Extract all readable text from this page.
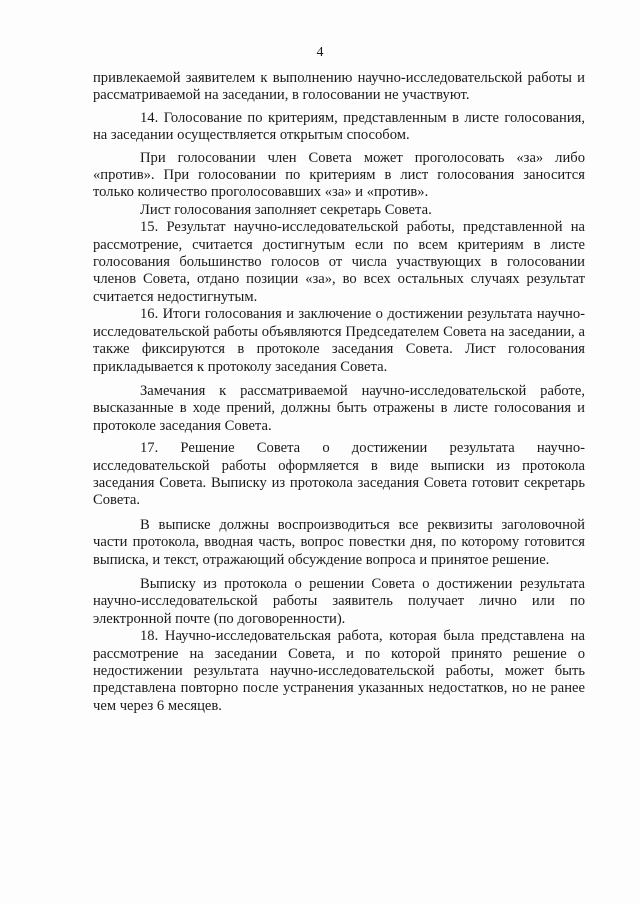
4

привлекаемой заявителем к выполнению научно-исследовательской работы и рассматриваемой на заседании, в голосовании не участвуют.

14. Голосование по критериям, представленным в листе голосования, на заседании осуществляется открытым способом.

При голосовании член Совета может проголосовать «за» либо «против». При голосовании по критериям в лист голосования заносится только количество проголосовавших «за» и «против».

Лист голосования заполняет секретарь Совета.

15. Результат научно-исследовательской работы, представленной на рассмотрение, считается достигнутым если по всем критериям в листе голосования большинство голосов от числа участвующих в голосовании членов Совета, отдано позиции «за», во всех остальных случаях результат считается недостигнутым.

16. Итоги голосования и заключение о достижении результата научно-исследовательской работы объявляются Председателем Совета на заседании, а также фиксируются в протоколе заседания Совета. Лист голосования прикладывается к протоколу заседания Совета.

Замечания к рассматриваемой научно-исследовательской работе, высказанные в ходе прений, должны быть отражены в листе голосования и протоколе заседания Совета.

17. Решение Совета о достижении результата научно-исследовательской работы оформляется в виде выписки из протокола заседания Совета. Выписку из протокола заседания Совета готовит секретарь Совета.

В выписке должны воспроизводиться все реквизиты заголовочной части протокола, вводная часть, вопрос повестки дня, по которому готовится выписка, и текст, отражающий обсуждение вопроса и принятое решение.

Выписку из протокола о решении Совета о достижении результата научно-исследовательской работы заявитель получает лично или по электронной почте (по договоренности).

18. Научно-исследовательская работа, которая была представлена на рассмотрение на заседании Совета, и по которой принято решение о недостижении результата научно-исследовательской работы, может быть представлена повторно после устранения указанных недостатков, но не ранее чем через 6 месяцев.
